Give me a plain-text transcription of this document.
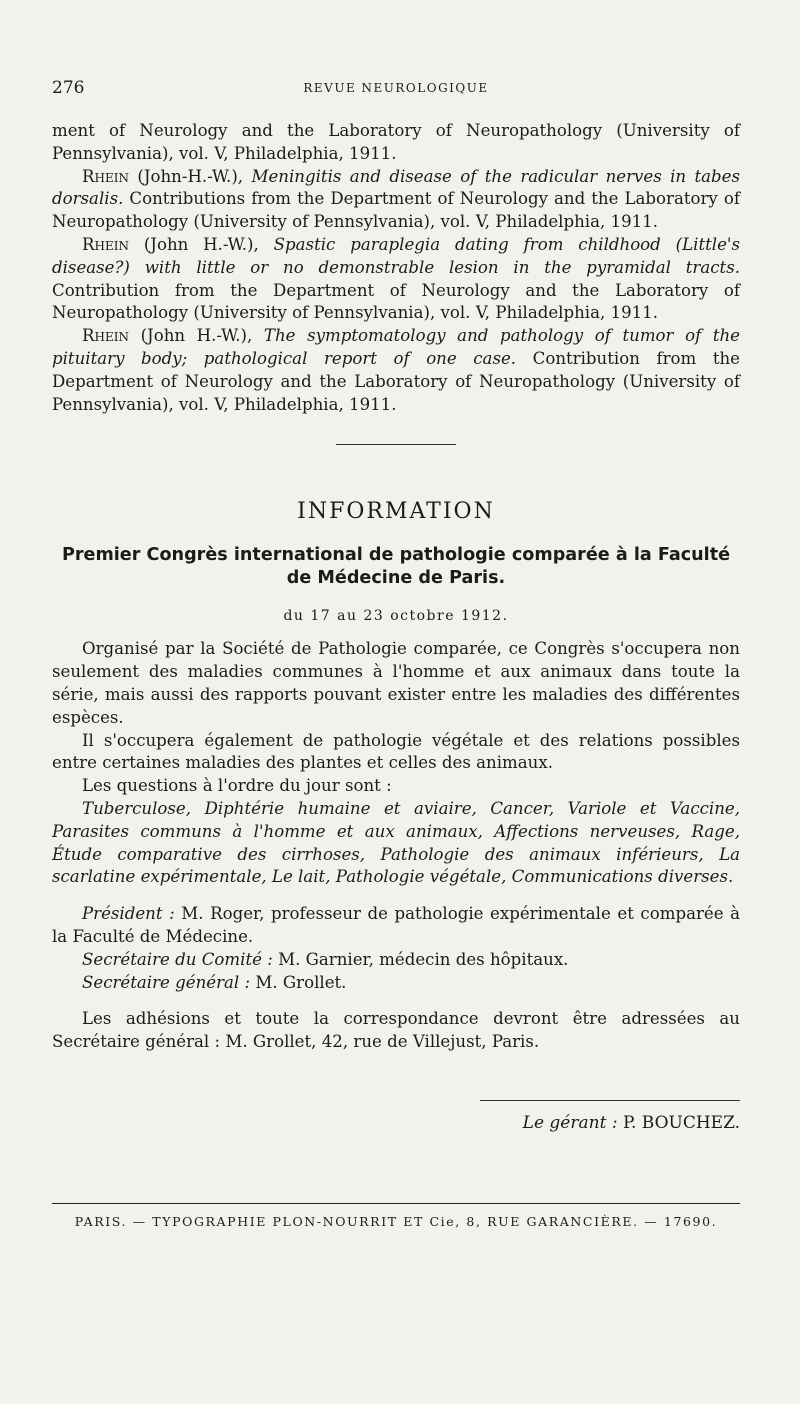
276	REVUE NEUROLOGIQUE

ment of Neurology and the Laboratory of Neuropathology (University of Pennsylvania), vol. V, Philadelphia, 1911.

Rhein (John-H.-W.), Meningitis and disease of the radicular nerves in tabes dorsalis. Contributions from the Department of Neurology and the Laboratory of Neuropathology (University of Pennsylvania), vol. V, Philadelphia, 1911.

Rhein (John H.-W.), Spastic paraplegia dating from childhood (Little's disease?) with little or no demonstrable lesion in the pyramidal tracts. Contribution from the Department of Neurology and the Laboratory of Neuropathology (University of Pennsylvania), vol. V, Philadelphia, 1911.

Rhein (John H.-W.), The symptomatology and pathology of tumor of the pituitary body; pathological report of one case. Contribution from the Department of Neurology and the Laboratory of Neuropathology (University of Pennsylvania), vol. V, Philadelphia, 1911.

INFORMATION
Premier Congrès international de pathologie comparée à la Faculté de Médecine de Paris.
du 17 au 23 octobre 1912.

Organisé par la Société de Pathologie comparée, ce Congrès s'occupera non seulement des maladies communes à l'homme et aux animaux dans toute la série, mais aussi des rapports pouvant exister entre les maladies des différentes espèces.

Il s'occupera également de pathologie végétale et des relations possibles entre certaines maladies des plantes et celles des animaux.

Les questions à l'ordre du jour sont :

Tuberculose, Diphtérie humaine et aviaire, Cancer, Variole et Vaccine, Parasites communs à l'homme et aux animaux, Affections nerveuses, Rage, Étude comparative des cirrhoses, Pathologie des animaux inférieurs, La scarlatine expérimentale, Le lait, Pathologie végétale, Communications diverses.

Président : M. Roger, professeur de pathologie expérimentale et comparée à la Faculté de Médecine.

Secrétaire du Comité : M. Garnier, médecin des hôpitaux.

Secrétaire général : M. Grollet.

Les adhésions et toute la correspondance devront être adressées au Secrétaire général : M. Grollet, 42, rue de Villejust, Paris.

Le gérant : P. BOUCHEZ.
PARIS. — TYPOGRAPHIE PLON-NOURRIT ET Cie, 8, RUE GARANCIÈRE. — 17690.
